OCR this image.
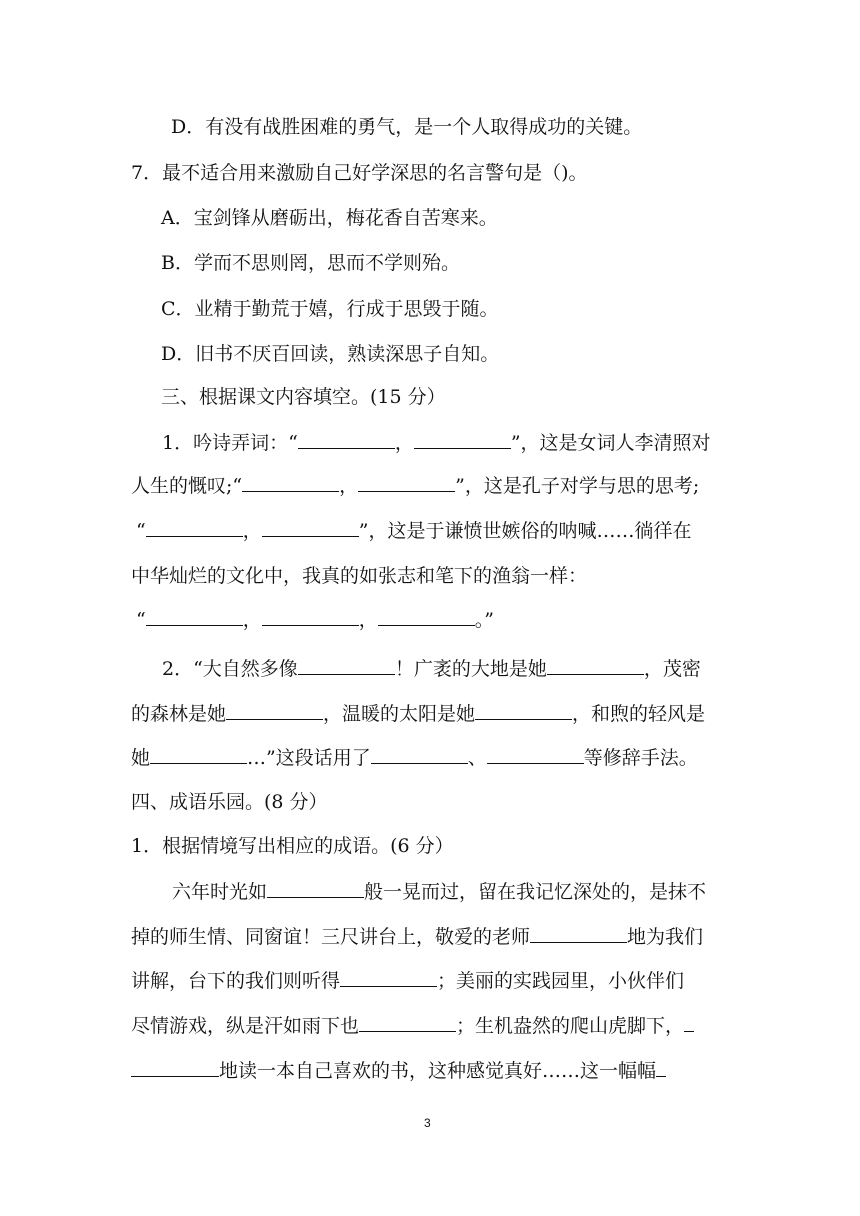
D．有没有战胜困难的勇气，是一个人取得成功的关键。
7．最不适合用来激励自己好学深思的名言警句是（)。
A．宝剑锋从磨砺出，梅花香自苦寒来。
B．学而不思则罔，思而不学则殆。
C．业精于勤荒于嬉，行成于思毁于随。
D．旧书不厌百回读，熟读深思子自知。
三、根据课文内容填空。(15 分）
1．吟诗弄词：“	，	”，这是女词人李清照对
人生的慨叹;“	，	”，这是孔子对学与思的思考;
“	，	”，这是于谦愤世嫉俗的呐喊……徜徉在
中华灿烂的文化中，我真的如张志和笔下的渔翁一样：
“	，	，	。”
2．“大自然多像	！广袤的大地是她	，茂密
的森林是她	，温暖的太阳是她	，和煦的轻风是
她	…”这段话用了	、	等修辞手法。
四、成语乐园。(8 分）
1．根据情境写出相应的成语。(6 分）
六年时光如	般一晃而过，留在我记忆深处的，是抹不
掉的师生情、同窗谊！三尺讲台上，敬爱的老师	地为我们
讲解，台下的我们则听得	；美丽的实践园里，小伙伴们
尽情游戏，纵是汗如雨下也	；生机盎然的爬山虎脚下，
地读一本自己喜欢的书，这种感觉真好……这一幅幅
3
